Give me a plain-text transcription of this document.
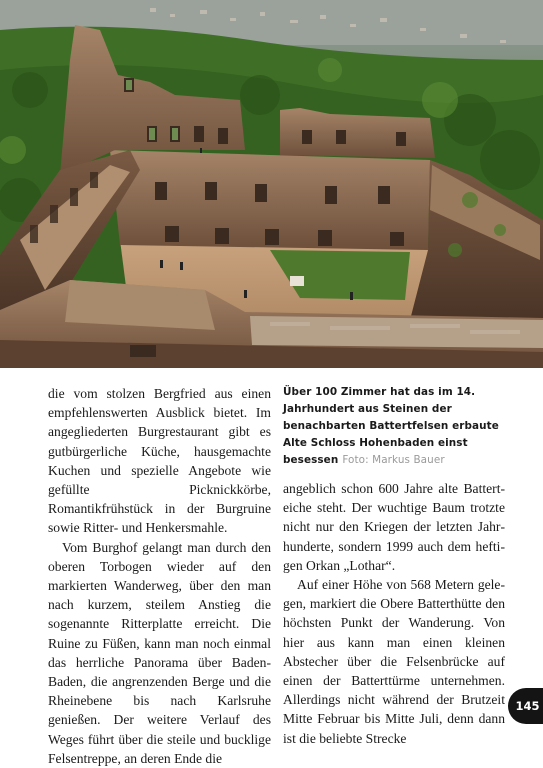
die vom stolzen Bergfried aus einen empfehlenswerten Ausblick bietet. Im angegliederten Burgrestaurant gibt es gutbürgerliche Küche, hausgemachte Kuchen und spezielle Angebote wie gefüllte Picknickkörbe, Romantikfrühstück in der Burgruine sowie Ritter- und Henkersmahle.

Vom Burghof gelangt man durch den oberen Torbogen wieder auf den markierten Wanderweg, über den man nach kurzem, steilem Anstieg die sogenannte Ritterplatte erreicht. Die Ruine zu Füßen, kann man noch einmal das herrliche Panorama über Baden-Baden, die angrenzenden Berge und die Rheinebene bis nach Karlsruhe genießen. Der weitere Verlauf des Weges führt über die steile und bucklige Felsentreppe, an deren Ende die

Über 100 Zimmer hat das im 14. Jahrhundert aus Steinen der benachbarten Battertfelsen erbaute Alte Schloss Hohenbaden einst besessen Foto: Markus Bauer

angeblich schon 600 Jahre alte Batterteiche steht. Der wuchtige Baum trotzte nicht nur den Kriegen der letzten Jahrhunderte, sondern 1999 auch dem heftigen Orkan „Lothar“.

Auf einer Höhe von 568 Metern gelegen, markiert die Obere Batterthütte den höchsten Punkt der Wanderung. Von hier aus kann man einen kleinen Abstecher über die Felsenbrücke auf einen der Batterttürme unternehmen. Allerdings nicht während der Brutzeit Mitte Februar bis Mitte Juli, denn dann ist die beliebte Strecke

145
